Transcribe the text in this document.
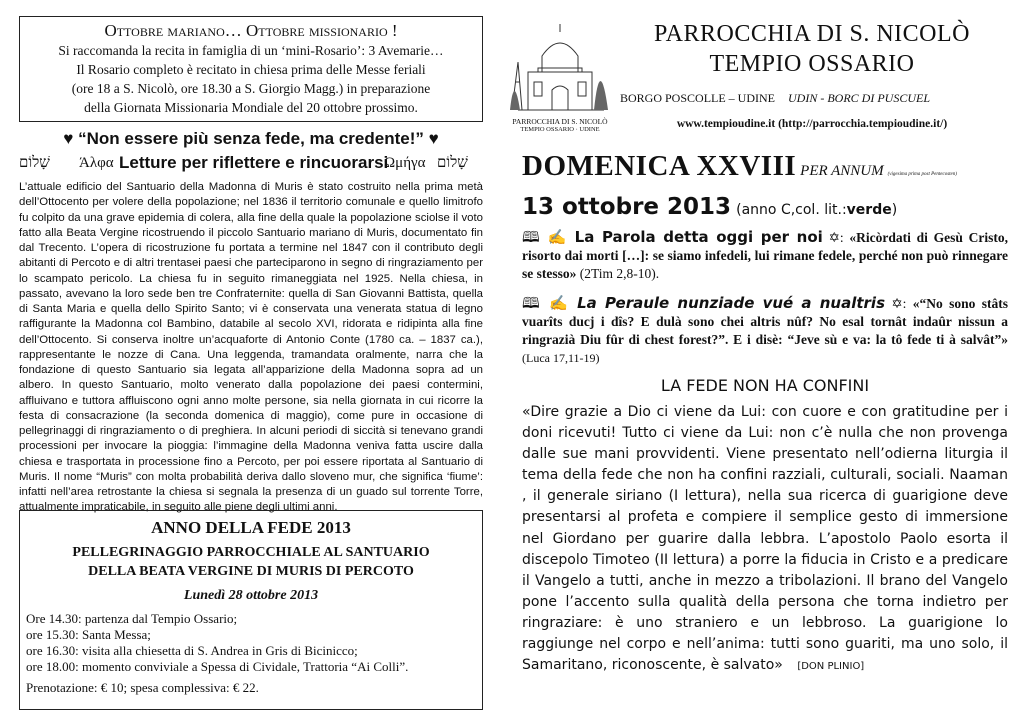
Ottobre mariano… Ottobre missionario !
Si raccomanda la recita in famiglia di un ‘mini-Rosario’: 3 Avemarie…
Il Rosario completo è recitato in chiesa prima delle Messe feriali
(ore 18 a S. Nicolò, ore 18.30 a S. Giorgio Magg.) in preparazione
della Giornata Missionaria Mondiale del 20 ottobre prossimo.
♥ “Non essere più senza fede, ma credente!” ♥
שָׁלוֹם Άλφα Letture per riflettere e rincuorarsi
Ωμήγα שָׁלוֹם
L’attuale edificio del Santuario della Madonna di Muris è stato costruito nella prima metà dell’Ottocento per volere della popolazione; nel 1836 il territorio comunale e quello limitrofo fu colpito da una grave epidemia di colera, alla fine della quale la popolazione sciolse il voto fatto alla Beata Vergine ricostruendo il piccolo Santuario mariano di Muris, documentato fin dal Trecento. L’opera di ricostruzione fu portata a termine nel 1847 con il contributo degli abitanti di Percoto e di altri trentasei paesi che parteciparono in segno di ringraziamento per lo scampato pericolo. La chiesa fu in seguito rimaneggiata nel 1925. Nella chiesa, in passato, avevano la loro sede ben tre Confraternite: quella di San Giovanni Battista, quella di Santa Maria e quella dello Spirito Santo; vi è conservata una venerata statua di legno raffigurante la Madonna col Bambino, databile al secolo XVI, ridorata e ridipinta alla fine dell’Ottocento. Si conserva inoltre un’acquaforte di Antonio Conte (1780 ca. – 1837 ca.), rappresentante le nozze di Cana. Una leggenda, tramandata oralmente, narra che la fondazione di questo Santuario sia legata all’apparizione della Madonna sopra ad un albero. In questo Santuario, molto venerato dalla popolazione dei paesi contermini, affluivano e tuttora affluiscono ogni anno molte persone, sia nella giornata in cui ricorre la festa di consacrazione (la seconda domenica di maggio), come pure in occasione di pellegrinaggi di ringraziamento o di preghiera. In alcuni periodi di siccità si tenevano grandi processioni per invocare la pioggia: l’immagine della Madonna veniva fatta uscire dalla chiesa e trasportata in processione fino a Percoto, per poi essere riportata al Santuario di Muris. Il nome “Muris” con molta probabilità deriva dallo sloveno mur, che significa ‘fiume’: infatti nell’area retrostante la chiesa si segnala la presenza di un guado sul torrente Torre, attualmente impraticabile, in seguito alle piene degli ultimi anni.
ANNO DELLA FEDE 2013
PELLEGRINAGGIO PARROCCHIALE AL SANTUARIO
DELLA BEATA VERGINE DI MURIS DI PERCOTO
Lunedì 28 ottobre 2013
Ore 14.30: partenza dal Tempio Ossario;
ore 15.30: Santa Messa;
ore 16.30: visita alla chiesetta di S. Andrea in Gris di Bicinicco;
ore 18.00: momento conviviale a Spessa di Cividale, Trattoria “Ai Colli”.
Prenotazione: € 10; spesa complessiva: € 22.
PARROCCHIA DI S. NICOLÒ
TEMPIO OSSARIO · UDINE
PARROCCHIA DI S. NICOLÒ
TEMPIO OSSARIO
BORGO POSCOLLE – UDINE UDIN - BORC DI PUSCUEL
www.tempioudine.it (http://parrocchia.tempioudine.it/)
DOMENICA XXVIII PER ANNUM (vigesima prima post Pentecosten)
13 ottobre 2013 (anno C,col. lit.:verde)
🕮 ✍ La Parola detta oggi per noi ✡: «Ricòrdati di Gesù Cristo, risorto dai morti […]: se siamo infedeli, lui rimane fedele, perché non può rinnegare se stesso» (2Tim 2,8-10).
🕮 ✍ La Peraule nunziade vué a nualtris ✡: «“No sono stâts vuarîts ducj i dîs? E dulà sono chei altris nûf? No esal tornât indaûr nissun a ringrazià Diu fûr di chest forest?”. E i disè: “Jeve sù e va: la tô fede ti à salvât”» (Luca 17,11-19)
LA FEDE NON HA CONFINI
«Dire grazie a Dio ci viene da Lui: con cuore e con gratitudine per i doni ricevuti! Tutto ci viene da Lui: non c’è nulla che non provenga dalle sue mani provvidenti. Viene presentato nell’odierna liturgia il tema della fede che non ha confini razziali, culturali, sociali. Naaman , il generale siriano (I lettura), nella sua ricerca di guarigione deve presentarsi al profeta e compiere il semplice gesto di immersione nel Giordano per guarire dalla lebbra. L’apostolo Paolo esorta il discepolo Timoteo (II lettura) a porre la fiducia in Cristo e a predicare il Vangelo a tutti, anche in mezzo a tribolazioni. Il brano del Vangelo pone l’accento sulla qualità della persona che torna indietro per ringraziare: è uno straniero e un lebbroso. La guarigione lo raggiunge nel corpo e nell’anima: tutti sono guariti, ma uno solo, il Samaritano, riconoscente, è salvato» [DON PLINIO]
